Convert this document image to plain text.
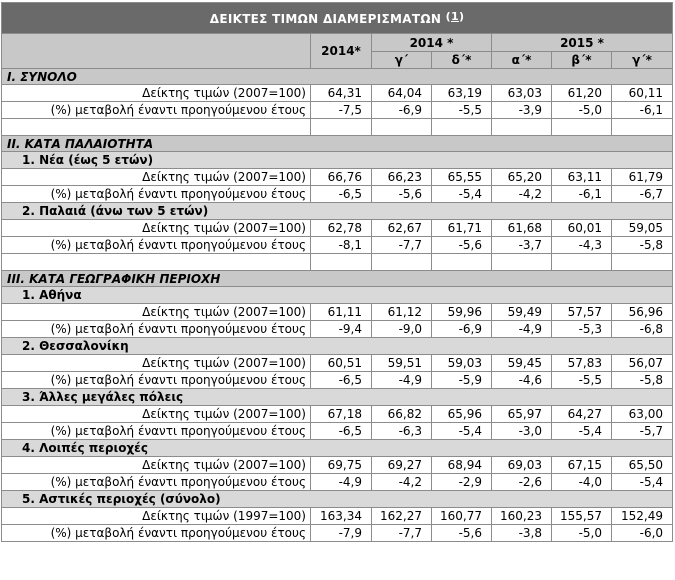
ΔΕΙΚΤΕΣ ΤΙΜΩΝ ΔΙΑΜΕΡΙΣΜΑΤΩΝ (1)						
	2014*	2014 *		2015 *		
		γ΄	δ΄*	α΄*	β΄*	γ΄*
I. ΣΥΝΟΛΟ						
Δείκτης τιμών (2007=100)	64,31	64,04	63,19	63,03	61,20	60,11
(%) μεταβολή έναντι προηγούμενου έτους	-7,5	-6,9	-5,5	-3,9	-5,0	-6,1

II. ΚΑΤΑ ΠΑΛΑΙΟΤΗΤΑ						
1. Νέα (έως 5 ετών)						
Δείκτης τιμών (2007=100)	66,76	66,23	65,55	65,20	63,11	61,79
(%) μεταβολή έναντι προηγούμενου έτους	-6,5	-5,6	-5,4	-4,2	-6,1	-6,7
2. Παλαιά (άνω των 5 ετών)						
Δείκτης τιμών (2007=100)	62,78	62,67	61,71	61,68	60,01	59,05
(%) μεταβολή έναντι προηγούμενου έτους	-8,1	-7,7	-5,6	-3,7	-4,3	-5,8

III. ΚΑΤΑ ΓΕΩΓΡΑΦΙΚΗ ΠΕΡΙΟΧΗ						
1. Αθήνα						
Δείκτης τιμών (2007=100)	61,11	61,12	59,96	59,49	57,57	56,96
(%) μεταβολή έναντι προηγούμενου έτους	-9,4	-9,0	-6,9	-4,9	-5,3	-6,8
2. Θεσσαλονίκη						
Δείκτης τιμών (2007=100)	60,51	59,51	59,03	59,45	57,83	56,07
(%) μεταβολή έναντι προηγούμενου έτους	-6,5	-4,9	-5,9	-4,6	-5,5	-5,8
3. Άλλες μεγάλες πόλεις						
Δείκτης τιμών (2007=100)	67,18	66,82	65,96	65,97	64,27	63,00
(%) μεταβολή έναντι προηγούμενου έτους	-6,5	-6,3	-5,4	-3,0	-5,4	-5,7
4. Λοιπές περιοχές						
Δείκτης τιμών (2007=100)	69,75	69,27	68,94	69,03	67,15	65,50
(%) μεταβολή έναντι προηγούμενου έτους	-4,9	-4,2	-2,9	-2,6	-4,0	-5,4
5. Αστικές περιοχές (σύνολο)						
Δείκτης τιμών (1997=100)	163,34	162,27	160,77	160,23	155,57	152,49
(%) μεταβολή έναντι προηγούμενου έτους	-7,9	-7,7	-5,6	-3,8	-5,0	-6,0
